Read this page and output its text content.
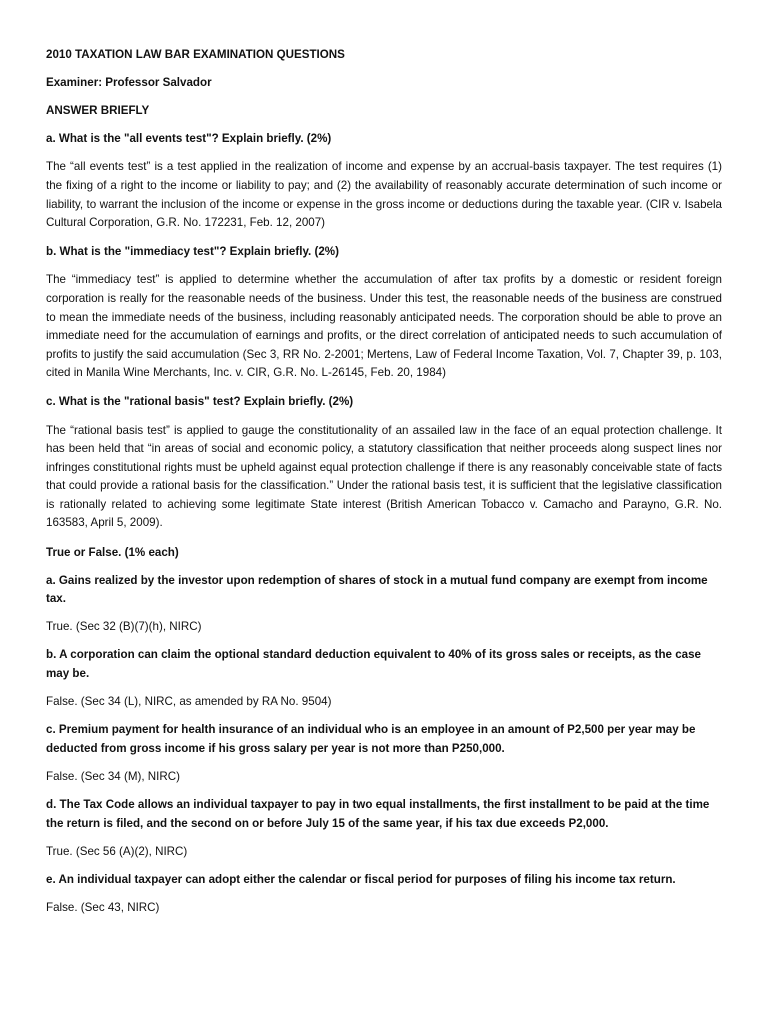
2010 TAXATION LAW BAR EXAMINATION QUESTIONS

Examiner: Professor Salvador

ANSWER BRIEFLY

a. What is the "all events test"? Explain briefly. (2%)

The “all events test” is a test applied in the realization of income and expense by an accrual-basis taxpayer. The test requires (1) the fixing of a right to the income or liability to pay; and (2) the availability of reasonably accurate determination of such income or liability, to warrant the inclusion of the income or expense in the gross income or deductions during the taxable year. (CIR v. Isabela Cultural Corporation, G.R. No. 172231, Feb. 12, 2007)

b. What is the "immediacy test"? Explain briefly. (2%)

The “immediacy test” is applied to determine whether the accumulation of after tax profits by a domestic or resident foreign corporation is really for the reasonable needs of the business. Under this test, the reasonable needs of the business are construed to mean the immediate needs of the business, including reasonably anticipated needs. The corporation should be able to prove an immediate need for the accumulation of earnings and profits, or the direct correlation of anticipated needs to such accumulation of profits to justify the said accumulation (Sec 3, RR No. 2-2001; Mertens, Law of Federal Income Taxation, Vol. 7, Chapter 39, p. 103, cited in Manila Wine Merchants, Inc. v. CIR, G.R. No. L-26145, Feb. 20, 1984)

c. What is the "rational basis" test? Explain briefly. (2%)

The “rational basis test” is applied to gauge the constitutionality of an assailed law in the face of an equal protection challenge. It has been held that “in areas of social and economic policy, a statutory classification that neither proceeds along suspect lines nor infringes constitutional rights must be upheld against equal protection challenge if there is any reasonably conceivable state of facts that could provide a rational basis for the classification.” Under the rational basis test, it is sufficient that the legislative classification is rationally related to achieving some legitimate State interest (British American Tobacco v. Camacho and Parayno, G.R. No. 163583, April 5, 2009).

True or False. (1% each)

a. Gains realized by the investor upon redemption of shares of stock in a mutual fund company are exempt from income tax.

True. (Sec 32 (B)(7)(h), NIRC)

b. A corporation can claim the optional standard deduction equivalent to 40% of its gross sales or receipts, as the case may be.

False. (Sec 34 (L), NIRC, as amended by RA No. 9504)

c. Premium payment for health insurance of an individual who is an employee in an amount of P2,500 per year may be deducted from gross income if his gross salary per year is not more than P250,000.

False. (Sec 34 (M), NIRC)

d. The Tax Code allows an individual taxpayer to pay in two equal installments, the first installment to be paid at the time the return is filed, and the second on or before July 15 of the same year, if his tax due exceeds P2,000.

True. (Sec 56 (A)(2), NIRC)

e. An individual taxpayer can adopt either the calendar or fiscal period for purposes of filing his income tax return.

False. (Sec 43, NIRC)
